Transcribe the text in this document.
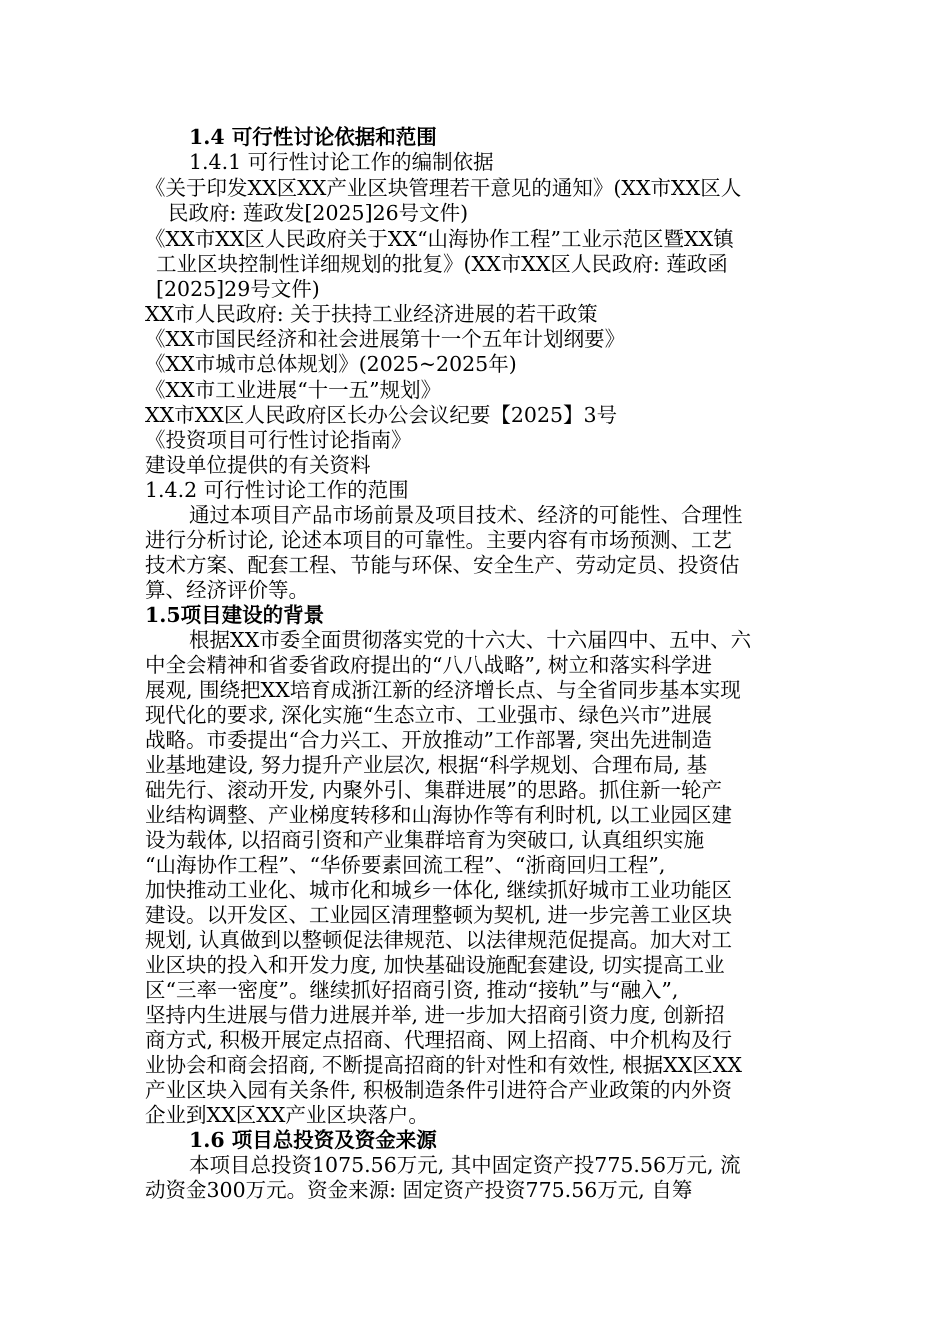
1.4 可行性讨论依据和范围
1.4.1 可行性讨论工作的编制依据
《关于印发XX区XX产业区块管理若干意见的通知》(XX市XX区人
民政府: 莲政发[2025]26号文件)
《XX市XX区人民政府关于XX“山海协作工程”工业示范区暨XX镇
工业区块控制性详细规划的批复》(XX市XX区人民政府: 莲政函
[2025]29号文件)
XX市人民政府: 关于扶持工业经济进展的若干政策
《XX市国民经济和社会进展第十一个五年计划纲要》
《XX市城市总体规划》(2025~2025年)
《XX市工业进展“十一五”规划》
XX市XX区人民政府区长办公会议纪要【2025】3号
《投资项目可行性讨论指南》
建设单位提供的有关资料
1.4.2 可行性讨论工作的范围
通过本项目产品市场前景及项目技术、经济的可能性、合理性
进行分析讨论, 论述本项目的可靠性。主要内容有市场预测、工艺
技术方案、配套工程、节能与环保、安全生产、劳动定员、投资估
算、经济评价等。
1.5项目建设的背景
根据XX市委全面贯彻落实党的十六大、十六届四中、五中、六
中全会精神和省委省政府提出的“八八战略”, 树立和落实科学进
展观, 围绕把XX培育成浙江新的经济增长点、与全省同步基本实现
现代化的要求, 深化实施“生态立市、工业强市、绿色兴市”进展
战略。市委提出“合力兴工、开放推动”工作部署, 突出先进制造
业基地建设, 努力提升产业层次, 根据“科学规划、合理布局, 基
础先行、滚动开发, 内聚外引、集群进展”的思路。抓住新一轮产
业结构调整、产业梯度转移和山海协作等有利时机, 以工业园区建
设为载体, 以招商引资和产业集群培育为突破口, 认真组织实施
“山海协作工程”、“华侨要素回流工程”、“浙商回归工程”,
加快推动工业化、城市化和城乡一体化, 继续抓好城市工业功能区
建设。以开发区、工业园区清理整顿为契机, 进一步完善工业区块
规划, 认真做到以整顿促法律规范、以法律规范促提高。加大对工
业区块的投入和开发力度, 加快基础设施配套建设, 切实提高工业
区“三率一密度”。继续抓好招商引资, 推动“接轨”与“融入”,
坚持内生进展与借力进展并举, 进一步加大招商引资力度, 创新招
商方式, 积极开展定点招商、代理招商、网上招商、中介机构及行
业协会和商会招商, 不断提高招商的针对性和有效性, 根据XX区XX
产业区块入园有关条件, 积极制造条件引进符合产业政策的内外资
企业到XX区XX产业区块落户。
1.6 项目总投资及资金来源
本项目总投资1075.56万元, 其中固定资产投775.56万元, 流
动资金300万元。资金来源: 固定资产投资775.56万元, 自筹
